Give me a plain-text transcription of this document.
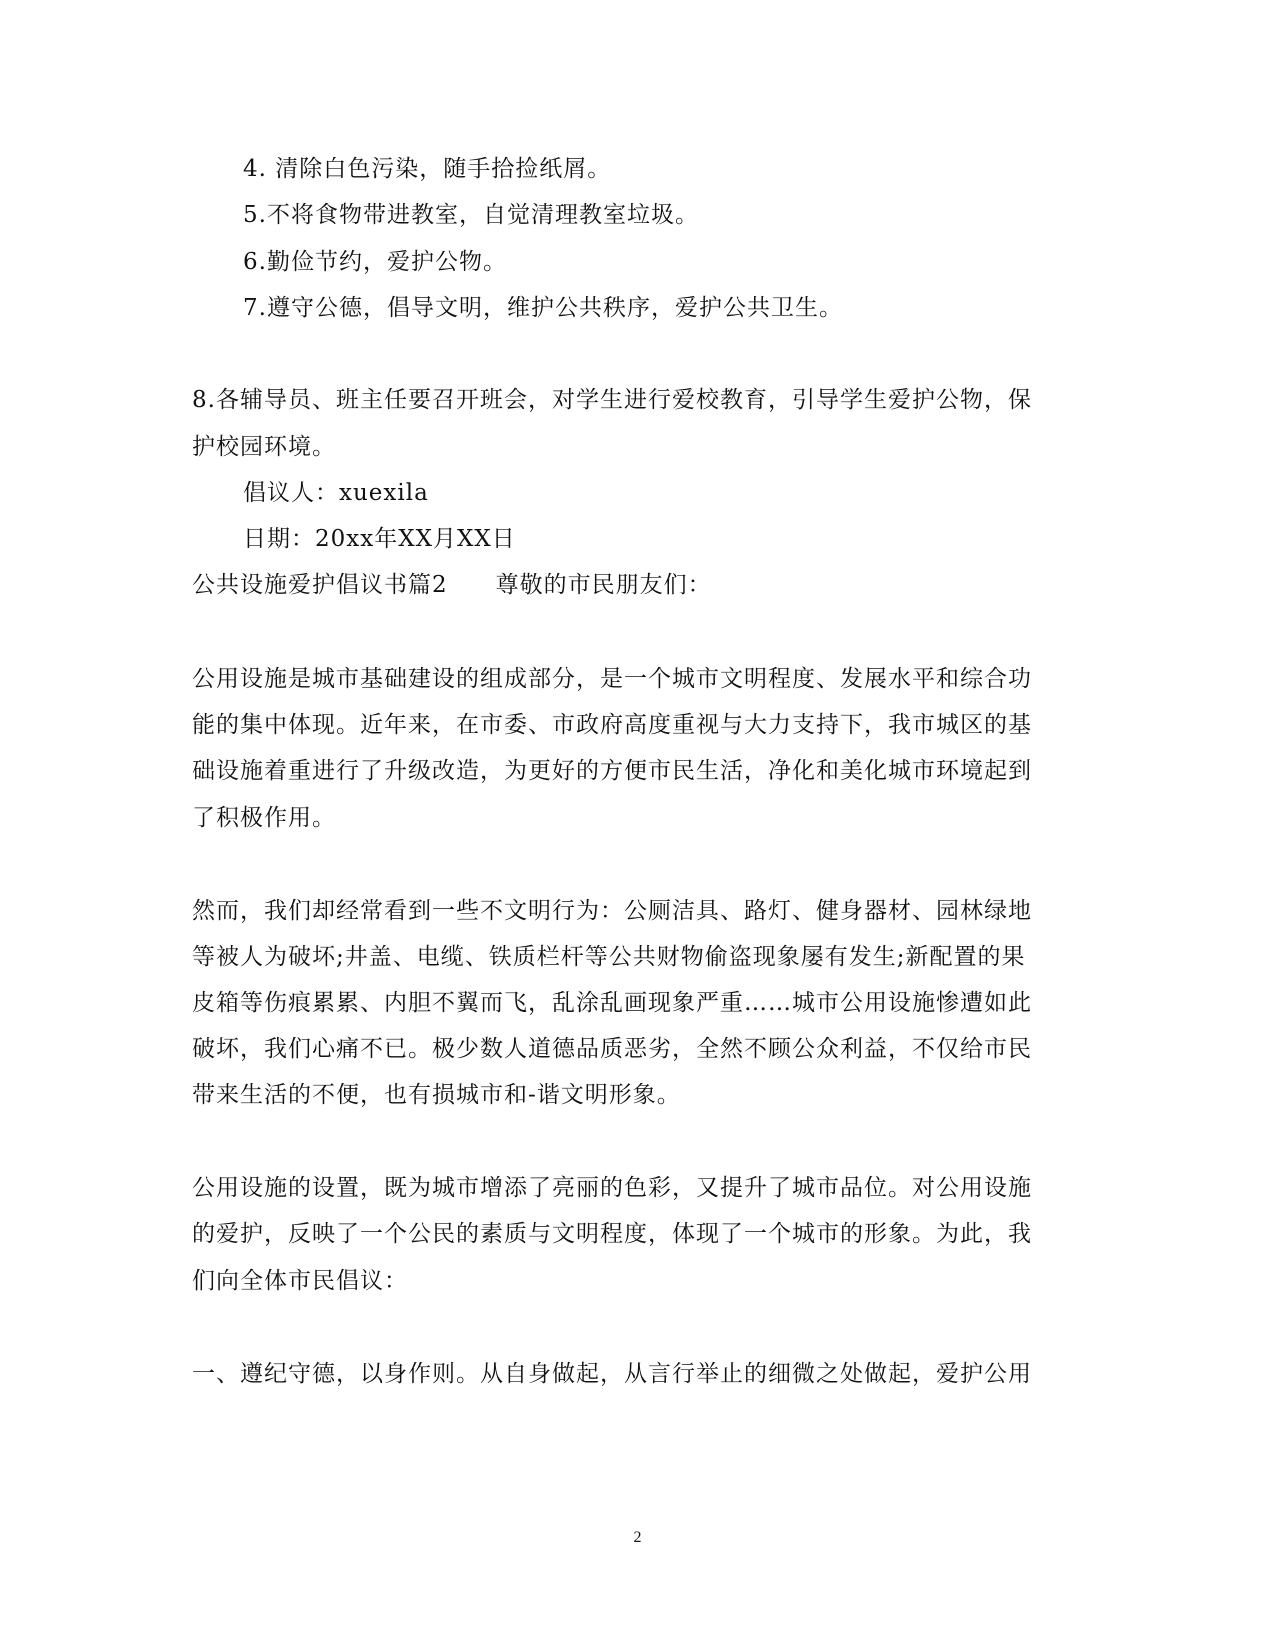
4. 清除白色污染，随手拾捡纸屑。
5.不将食物带进教室，自觉清理教室垃圾。
6.勤俭节约，爱护公物。
7.遵守公德，倡导文明，维护公共秩序，爱护公共卫生。
8.各辅导员、班主任要召开班会，对学生进行爱校教育，引导学生爱护公物，保
护校园环境。
倡议人：xuexila
日期：20xx年XX月XX日
公共设施爱护倡议书篇2 尊敬的市民朋友们：
公用设施是城市基础建设的组成部分，是一个城市文明程度、发展水平和综合功
能的集中体现。近年来，在市委、市政府高度重视与大力支持下，我市城区的基
础设施着重进行了升级改造，为更好的方便市民生活，净化和美化城市环境起到
了积极作用。
然而，我们却经常看到一些不文明行为：公厕洁具、路灯、健身器材、园林绿地
等被人为破坏;井盖、电缆、铁质栏杆等公共财物偷盗现象屡有发生;新配置的果
皮箱等伤痕累累、内胆不翼而飞，乱涂乱画现象严重……城市公用设施惨遭如此
破坏，我们心痛不已。极少数人道德品质恶劣，全然不顾公众利益，不仅给市民
带来生活的不便，也有损城市和-谐文明形象。
公用设施的设置，既为城市增添了亮丽的色彩，又提升了城市品位。对公用设施
的爱护，反映了一个公民的素质与文明程度，体现了一个城市的形象。为此，我
们向全体市民倡议：
一、遵纪守德，以身作则。从自身做起，从言行举止的细微之处做起，爱护公用
2
